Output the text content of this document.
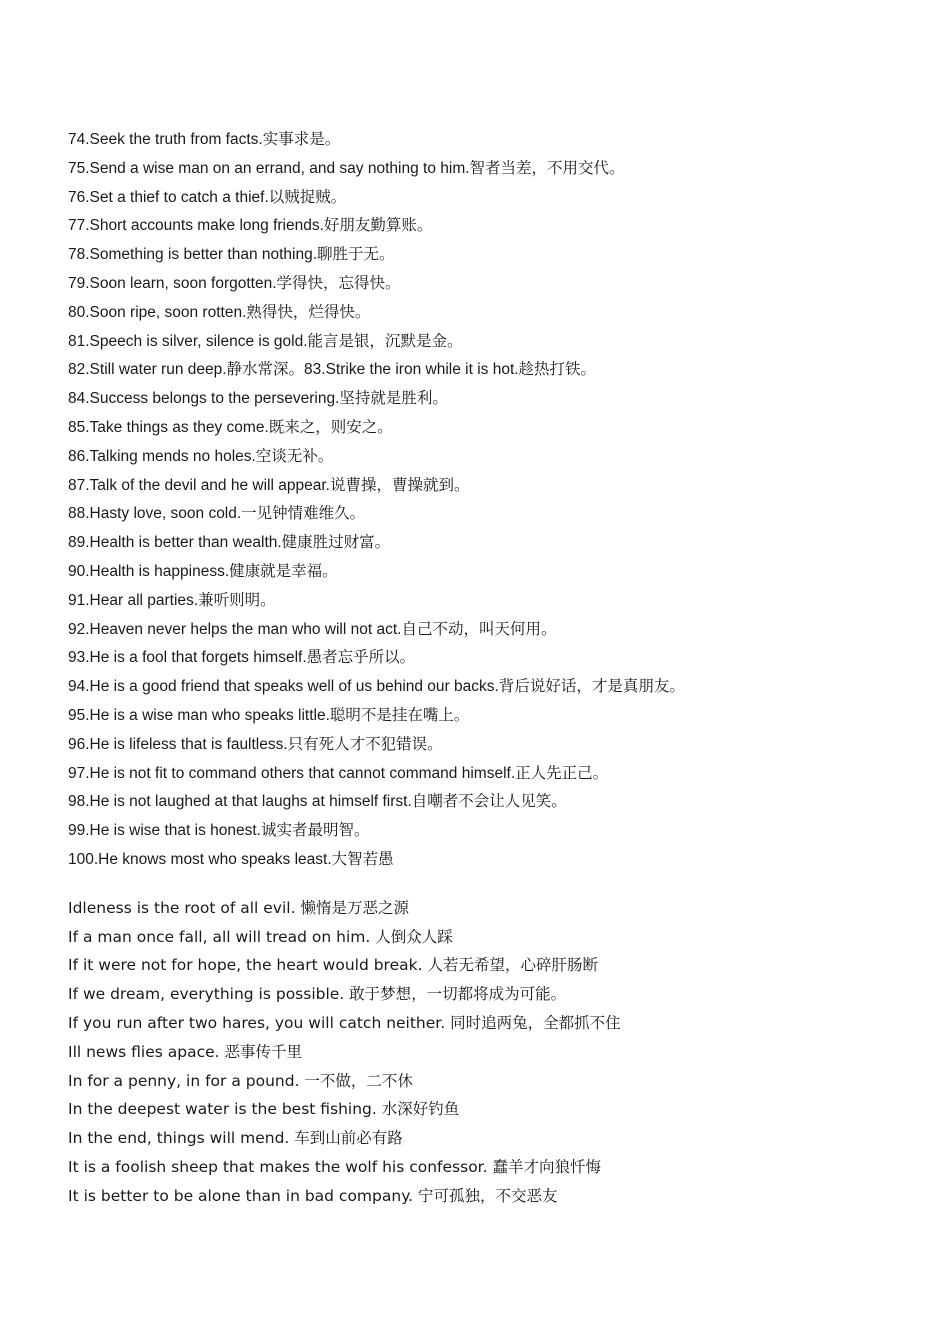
74.Seek the truth from facts.实事求是。
75.Send a wise man on an errand, and say nothing to him.智者当差，不用交代。
76.Set a thief to catch a thief.以贼捉贼。
77.Short accounts make long friends.好朋友勤算账。
78.Something is better than nothing.聊胜于无。
79.Soon learn, soon forgotten.学得快，忘得快。
80.Soon ripe, soon rotten.熟得快，烂得快。
81.Speech is silver, silence is gold.能言是银，沉默是金。
82.Still water run deep.静水常深。83.Strike the iron while it is hot.趁热打铁。
84.Success belongs to the persevering.坚持就是胜利。
85.Take things as they come.既来之，则安之。
86.Talking mends no holes.空谈无补。
87.Talk of the devil and he will appear.说曹操，曹操就到。
88.Hasty love, soon cold.一见钟情难维久。
89.Health is better than wealth.健康胜过财富。
90.Health is happiness.健康就是幸福。
91.Hear all parties.兼听则明。
92.Heaven never helps the man who will not act.自己不动，叫天何用。
93.He is a fool that forgets himself.愚者忘乎所以。
94.He is a good friend that speaks well of us behind our backs.背后说好话，才是真朋友。
95.He is a wise man who speaks little.聪明不是挂在嘴上。
96.He is lifeless that is faultless.只有死人才不犯错误。
97.He is not fit to command others that cannot command himself.正人先正己。
98.He is not laughed at that laughs at himself first.自嘲者不会让人见笑。
99.He is wise that is honest.诚实者最明智。
100.He knows most who speaks least.大智若愚
Idleness is the root of all evil. 懒惰是万恶之源
If a man once fall, all will tread on him. 人倒众人踩
If it were not for hope, the heart would break. 人若无希望，心碎肝肠断
If we dream, everything is possible. 敢于梦想，一切都将成为可能。
If you run after two hares, you will catch neither. 同时追两兔，全都抓不住
Ill news flies apace. 恶事传千里
In for a penny, in for a pound. 一不做，二不休
In the deepest water is the best fishing. 水深好钓鱼
In the end, things will mend. 车到山前必有路
It is a foolish sheep that makes the wolf his confessor. 蠢羊才向狼忏悔
It is better to be alone than in bad company. 宁可孤独，不交恶友
